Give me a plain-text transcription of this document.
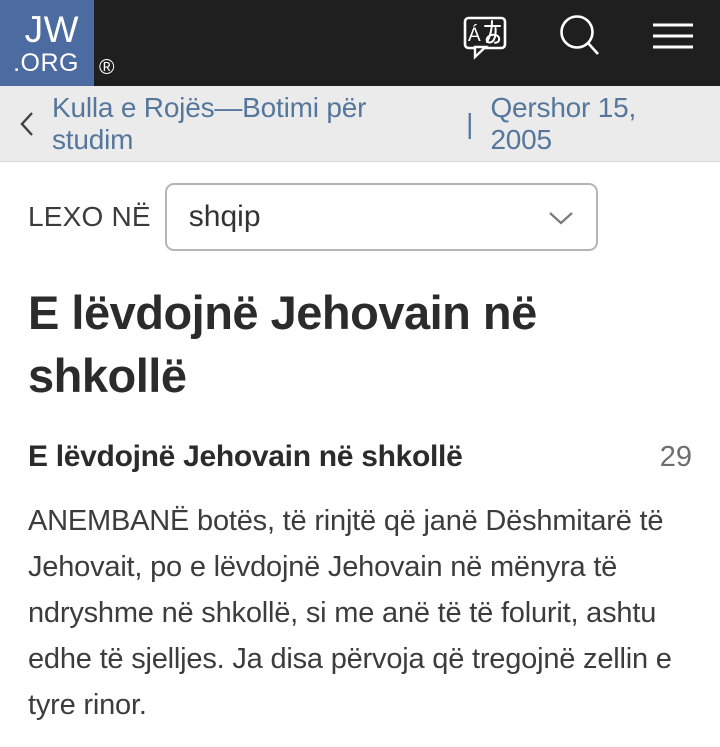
JW
.ORG ®
Á
Kulla e Rojës—Botimi për studim
|
Qershor 15, 2005
LEXO NË shqip
E lëvdojnë Jehovain në shkollë
E lëvdojnë Jehovain në shkollë	29

ANEMBANË botës, të rinjtë që janë Dëshmitarë të Jehovait, po e lëvdojnë Jehovain në mënyra të ndryshme në shkollë, si me anë të të folurit, ashtu edhe të sjelljes. Ja disa përvoja që tregojnë zellin e tyre rinor.
